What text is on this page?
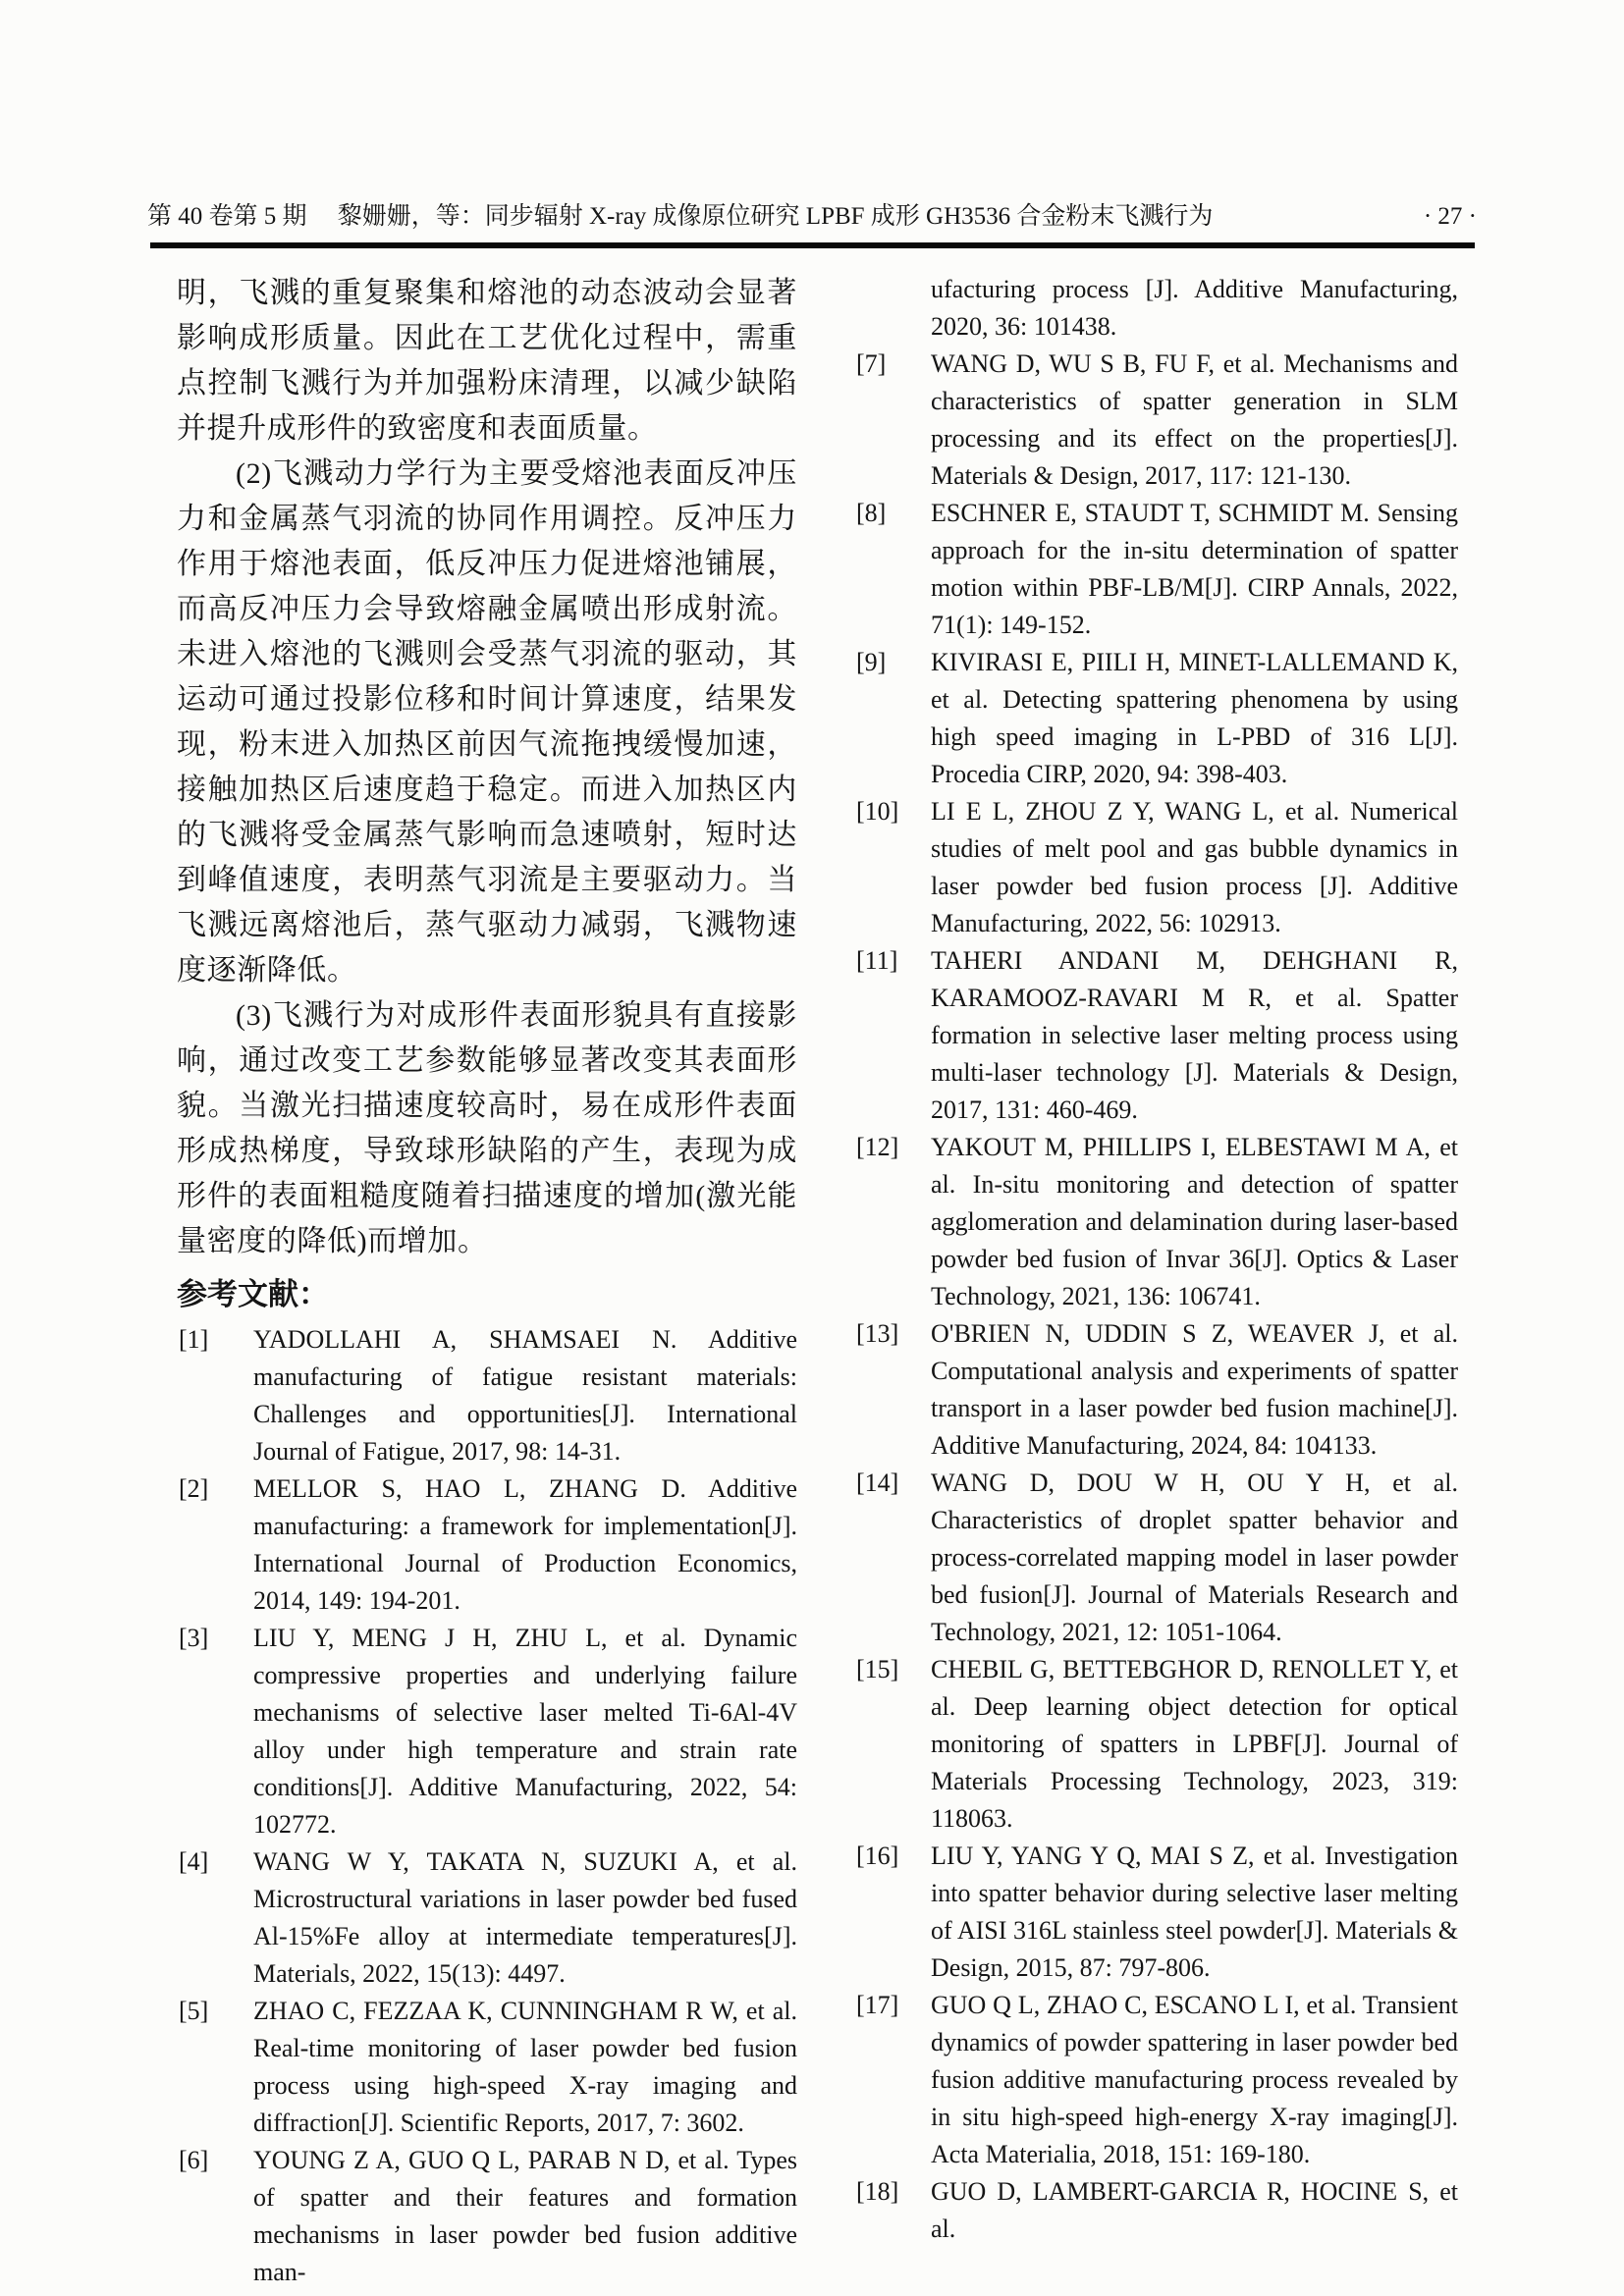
第 40 卷第 5 期　 黎姗姗，等：同步辐射 X-ray 成像原位研究 LPBF 成形 GH3536 合金粉末飞溅行为	· 27 ·

明，飞溅的重复聚集和熔池的动态波动会显著影响成形质量。因此在工艺优化过程中，需重点控制飞溅行为并加强粉床清理，以减少缺陷并提升成形件的致密度和表面质量。

(2)飞溅动力学行为主要受熔池表面反冲压力和金属蒸气羽流的协同作用调控。反冲压力作用于熔池表面，低反冲压力促进熔池铺展，而高反冲压力会导致熔融金属喷出形成射流。未进入熔池的飞溅则会受蒸气羽流的驱动，其运动可通过投影位移和时间计算速度，结果发现，粉末进入加热区前因气流拖拽缓慢加速，接触加热区后速度趋于稳定。而进入加热区内的飞溅将受金属蒸气影响而急速喷射，短时达到峰值速度，表明蒸气羽流是主要驱动力。当飞溅远离熔池后，蒸气驱动力减弱，飞溅物速度逐渐降低。

(3)飞溅行为对成形件表面形貌具有直接影响，通过改变工艺参数能够显著改变其表面形貌。当激光扫描速度较高时，易在成形件表面形成热梯度，导致球形缺陷的产生，表现为成形件的表面粗糙度随着扫描速度的增加(激光能量密度的降低)而增加。

参考文献：
[1] YADOLLAHI A, SHAMSAEI N. Additive manufacturing of fatigue resistant materials: Challenges and opportunities[J]. International Journal of Fatigue, 2017, 98: 14-31.
[2] MELLOR S, HAO L, ZHANG D. Additive manufacturing: a framework for implementation[J]. International Journal of Production Economics, 2014, 149: 194-201.
[3] LIU Y, MENG J H, ZHU L, et al. Dynamic compressive properties and underlying failure mechanisms of selective laser melted Ti-6Al-4V alloy under high temperature and strain rate conditions[J]. Additive Manufacturing, 2022, 54: 102772.
[4] WANG W Y, TAKATA N, SUZUKI A, et al. Microstructural variations in laser powder bed fused Al-15%Fe alloy at intermediate temperatures[J]. Materials, 2022, 15(13): 4497.
[5] ZHAO C, FEZZAA K, CUNNINGHAM R W, et al. Real-time monitoring of laser powder bed fusion process using high-speed X-ray imaging and diffraction[J]. Scientific Reports, 2017, 7: 3602.
[6] YOUNG Z A, GUO Q L, PARAB N D, et al. Types of spatter and their features and formation mechanisms in laser powder bed fusion additive man-

ufacturing process [J]. Additive Manufacturing, 2020, 36: 101438.

[7] WANG D, WU S B, FU F, et al. Mechanisms and characteristics of spatter generation in SLM processing and its effect on the properties[J]. Materials & Design, 2017, 117: 121-130.
[8] ESCHNER E, STAUDT T, SCHMIDT M. Sensing approach for the in-situ determination of spatter motion within PBF-LB/M[J]. CIRP Annals, 2022, 71(1): 149-152.
[9] KIVIRASI E, PIILI H, MINET-LALLEMAND K, et al. Detecting spattering phenomena by using high speed imaging in L-PBD of 316 L[J]. Procedia CIRP, 2020, 94: 398-403.
[10] LI E L, ZHOU Z Y, WANG L, et al. Numerical studies of melt pool and gas bubble dynamics in laser powder bed fusion process [J]. Additive Manufacturing, 2022, 56: 102913.
[11] TAHERI ANDANI M, DEHGHANI R, KARAMOOZ-RAVARI M R, et al. Spatter formation in selective laser melting process using multi-laser technology [J]. Materials & Design, 2017, 131: 460-469.
[12] YAKOUT M, PHILLIPS I, ELBESTAWI M A, et al. In-situ monitoring and detection of spatter agglomeration and delamination during laser-based powder bed fusion of Invar 36[J]. Optics & Laser Technology, 2021, 136: 106741.
[13] O'BRIEN N, UDDIN S Z, WEAVER J, et al. Computational analysis and experiments of spatter transport in a laser powder bed fusion machine[J]. Additive Manufacturing, 2024, 84: 104133.
[14] WANG D, DOU W H, OU Y H, et al. Characteristics of droplet spatter behavior and process-correlated mapping model in laser powder bed fusion[J]. Journal of Materials Research and Technology, 2021, 12: 1051-1064.
[15] CHEBIL G, BETTEBGHOR D, RENOLLET Y, et al. Deep learning object detection for optical monitoring of spatters in LPBF[J]. Journal of Materials Processing Technology, 2023, 319: 118063.
[16] LIU Y, YANG Y Q, MAI S Z, et al. Investigation into spatter behavior during selective laser melting of AISI 316L stainless steel powder[J]. Materials & Design, 2015, 87: 797-806.
[17] GUO Q L, ZHAO C, ESCANO L I, et al. Transient dynamics of powder spattering in laser powder bed fusion additive manufacturing process revealed by in situ high-speed high-energy X-ray imaging[J]. Acta Materialia, 2018, 151: 169-180.
[18] GUO D, LAMBERT-GARCIA R, HOCINE S, et al.
